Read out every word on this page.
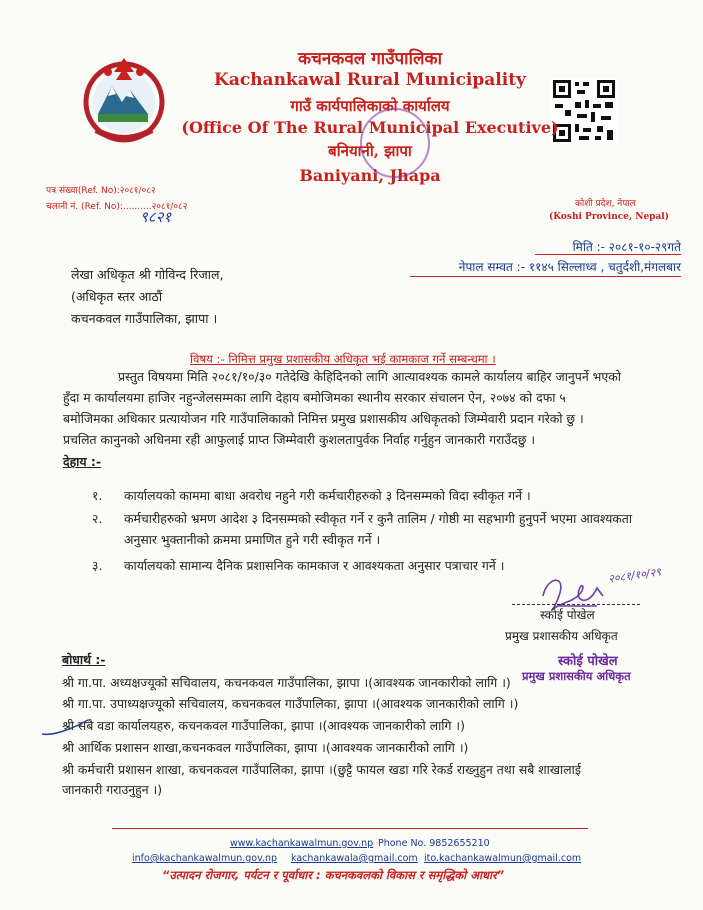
कचनकवल गाउँपालिका
Kachankawal Rural Municipality
गाउँ कार्यपालिकाको कार्यालय
(Office Of The Rural Municipal Executive)
बनियानी, झापा
Baniyani, Jhapa
पत्र संख्या(Ref. No):२०८१/०८२
चलानी नं. (Ref. No):..........२०८१/०८२
९८२१
कोशी प्रदेश, नेपाल
(Koshi Province, Nepal)
मिति :- २०८१-१०-२९गते
नेपाल सम्वत :- ११४५ सिल्लाध्व , चतुर्दशी,मंगलबार
लेखा अधिकृत श्री गोविन्द रिजाल,
(अधिकृत स्तर आठौं
कचनकवल गाउँपालिका, झापा ।
विषय :- निमित्त प्रमुख प्रशासकीय अधिकृत भई कामकाज गर्ने सम्बन्धमा ।
प्रस्तुत विषयमा मिति २०८१/१०/३० गतेदेखि केहिदिनको लागि आत्यावश्यक कामले कार्यालय बाहिर जानुपर्ने भएको
हुँदा म कार्यालयमा हाजिर नहुन्जेलसम्मका लागि देहाय बमोजिमका स्थानीय सरकार संचालन ऐन, २०७४ को दफा ५
बमोजिमका अधिकार प्रत्यायोजन गरि गाउँपालिकाको निमित्त प्रमुख प्रशासकीय अधिकृतको जिम्मेवारी प्रदान गरेको छु ।
प्रचलित कानुनको अधिनमा रही आफुलाई प्राप्त जिम्मेवारी कुशलतापुर्वक निर्वाह गर्नुहुन जानकारी गराउँदछु ।
देहाय :-
१. कार्यालयको काममा बाधा अवरोध नहुने गरी कर्मचारीहरुको ३ दिनसम्मको विदा स्वीकृत गर्ने ।
२. कर्मचारीहरुको भ्रमण आदेश ३ दिनसम्मको स्वीकृत गर्ने र कुनै तालिम / गोष्ठी मा सहभागी हुनुपर्ने भएमा आवश्यकता
अनुसार भुक्तानीको क्रममा प्रमाणित हुने गरी स्वीकृत गर्ने ।
३. कार्यालयको सामान्य दैनिक प्रशासनिक कामकाज र आवश्यकता अनुसार पत्राचार गर्ने ।	२०८१/१०/२९
स्कोई पोखेल
प्रमुख प्रशासकीय अधिकृत
स्कोई पोखेल
प्रमुख प्रशासकीय अधिकृत
बोधार्थ :-
श्री गा.पा. अध्यक्षज्यूको सचिवालय, कचनकवल गाउँपालिका, झापा ।(आवश्यक जानकारीको लागि ।)
श्री गा.पा. उपाध्यक्षज्यूको सचिवालय, कचनकवल गाउँपालिका, झापा ।(आवश्यक जानकारीको लागि ।)
श्री सबै वडा कार्यालयहरु, कचनकवल गाउँपालिका, झापा ।(आवश्यक जानकारीको लागि ।)
श्री आर्थिक प्रशासन शाखा,कचनकवल गाउँपालिका, झापा ।(आवश्यक जानकारीको लागि ।)
श्री कर्मचारी प्रशासन शाखा, कचनकवल गाउँपालिका, झापा ।(छुट्टै फायल खडा गरि रेकर्ड राख्नुहुन तथा सबै शाखालाई
जानकारी गराउनुहुन ।)
www.kachankawalmun.gov.np Phone No. 9852655210
info@kachankawalmun.gov.np kachankawala@gmail.com ito.kachankawalmun@gmail.com
“उत्पादन रोजगार, पर्यटन र पूर्वाधार : कचनकवलको विकास र समृद्धिको आधार”
